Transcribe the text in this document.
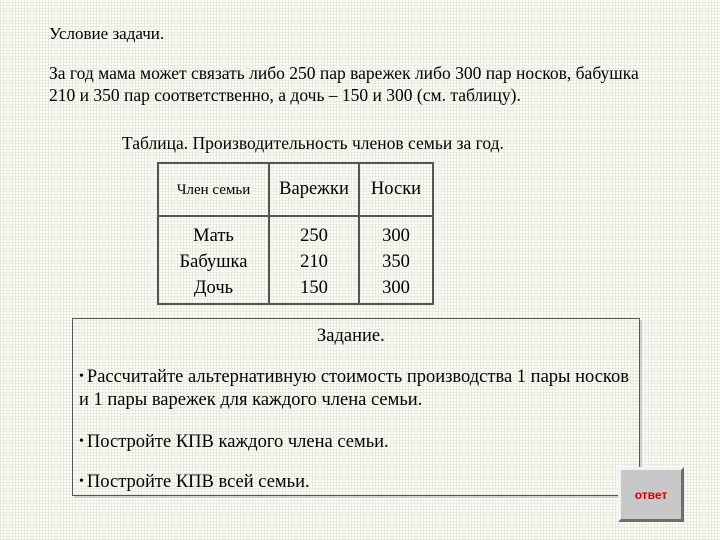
Условие задачи.

За год мама может связать либо 250 пар варежек либо 300 пар носков, бабушка 210 и 350 пар соответственно, а дочь – 150 и 300 (см. таблицу).

Таблица. Производительность членов семьи за год.
Член семьи	Варежки	Носки
Мать	250	300
Бабушка	210	350
Дочь	150	300
Задание.
• Рассчитайте альтернативную стоимость производства 1 пары носков и 1 пары варежек для каждого члена семьи.
• Постройте КПВ каждого члена семьи.
• Постройте КПВ всей семьи.
ответ
